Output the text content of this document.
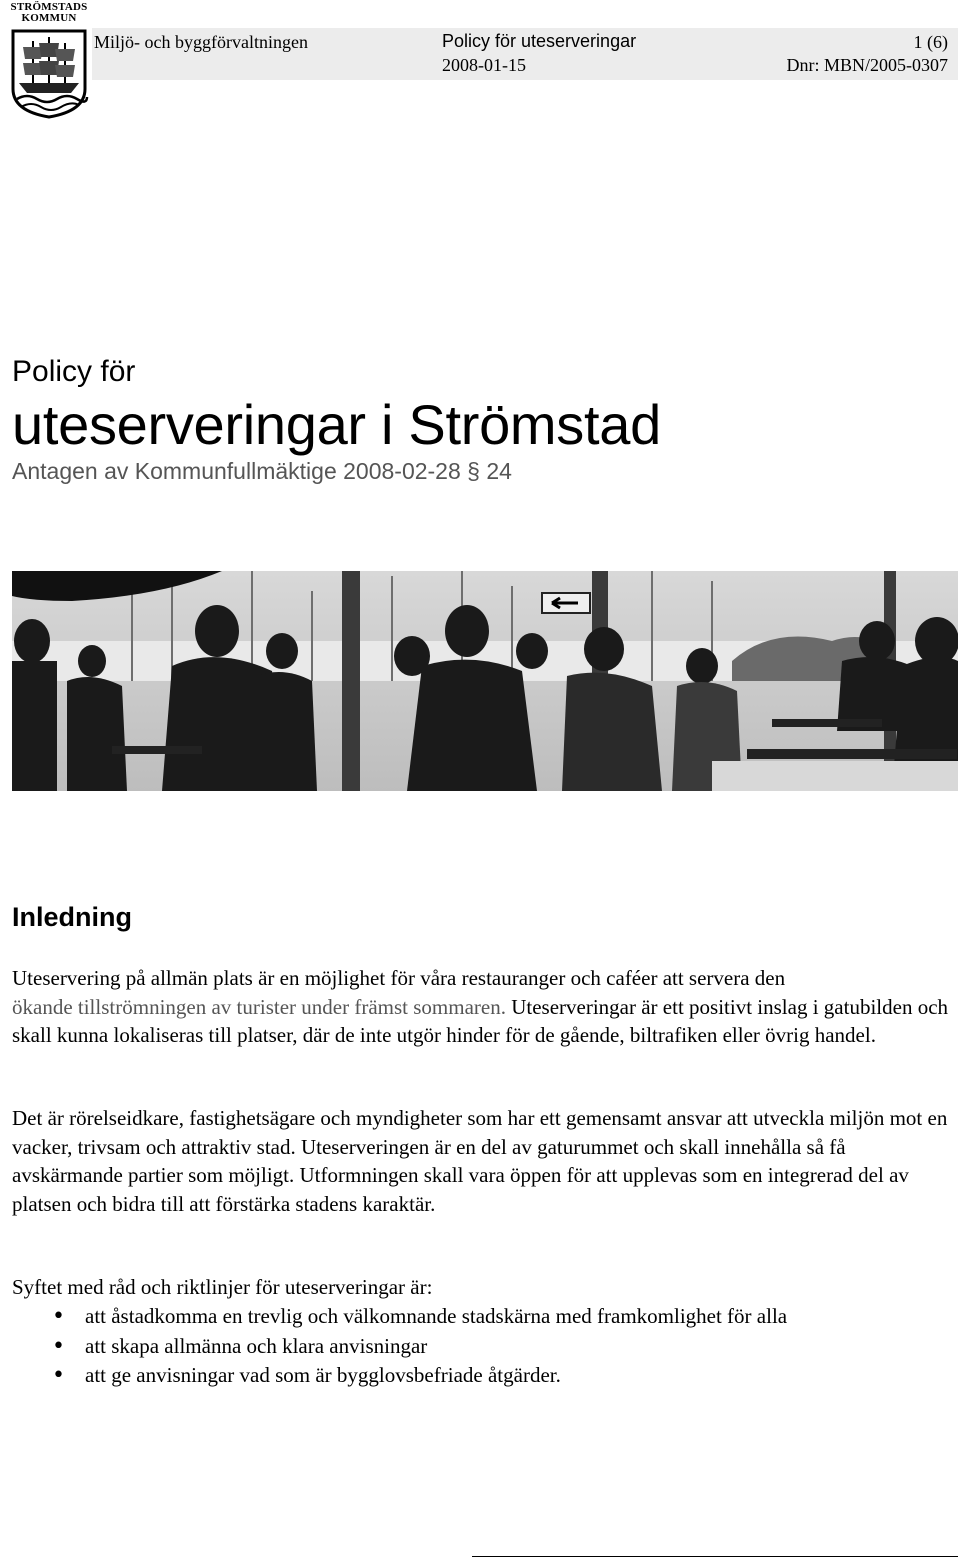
STRÖMSTADS
KOMMUN
Miljö- och byggförvaltningen	Policy för uteserveringar	1 (6)
2008-01-15	Dnr: MBN/2005-0307
Policy för
uteserveringar i Strömstad
Antagen av Kommunfullmäktige 2008-02-28 § 24
Inledning

Uteservering på allmän plats är en möjlighet för våra restauranger och caféer att servera den
ökande tillströmningen av turister under främst sommaren. Uteserveringar är ett positivt inslag i gatubilden och skall kunna lokaliseras till platser, där de inte utgör hinder för de gående, biltrafiken eller övrig handel.

Det är rörelseidkare, fastighetsägare och myndigheter som har ett gemensamt ansvar att utveckla miljön mot en vacker, trivsam och attraktiv stad. Uteserveringen är en del av gaturummet och skall innehålla så få avskärmande partier som möjligt. Utformningen skall vara öppen för att upplevas som en integrerad del av platsen och bidra till att förstärka stadens karaktär.

Syftet med råd och riktlinjer för uteserveringar är:

• att åstadkomma en trevlig och välkomnande stadskärna med framkomlighet för alla
• att skapa allmänna och klara anvisningar
• att ge anvisningar vad som är bygglovsbefriade åtgärder.
